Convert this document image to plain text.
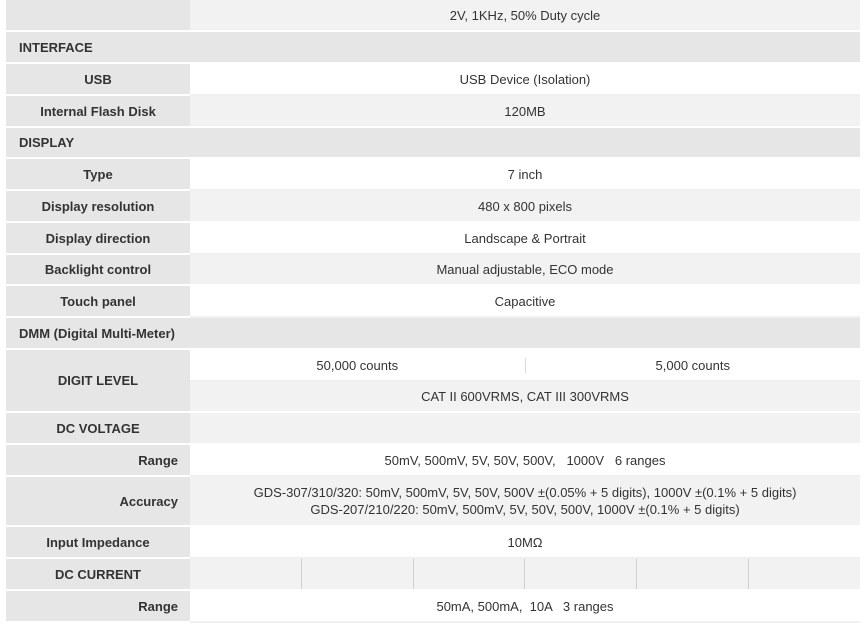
	2V, 1KHz, 50% Duty cycle
INTERFACE	
USB	USB Device (Isolation)
Internal Flash Disk	120MB
DISPLAY	
Type	7 inch
Display resolution	480 x 800 pixels
Display direction	Landscape & Portrait
Backlight control	Manual adjustable, ECO mode
Touch panel	Capacitive
DMM (Digital Multi-Meter)	
DIGIT LEVEL	50,000 counts 5,000 counts

	CAT II 600VRMS, CAT III 300VRMS
DC VOLTAGE	
Range	50mV, 500mV, 5V, 50V, 500V,   1000V   6 ranges
Accuracy	GDS-307/310/320: 50mV, 500mV, 5V, 50V, 500V ±(0.05% + 5 digits), 1000V ±(0.1% + 5 digits)
GDS-207/210/220: 50mV, 500mV, 5V, 50V, 500V, 1000V ±(0.1% + 5 digits)

Input Impedance	10MΩ
DC CURRENT	

Range	50mA, 500mA,  10A   3 ranges
